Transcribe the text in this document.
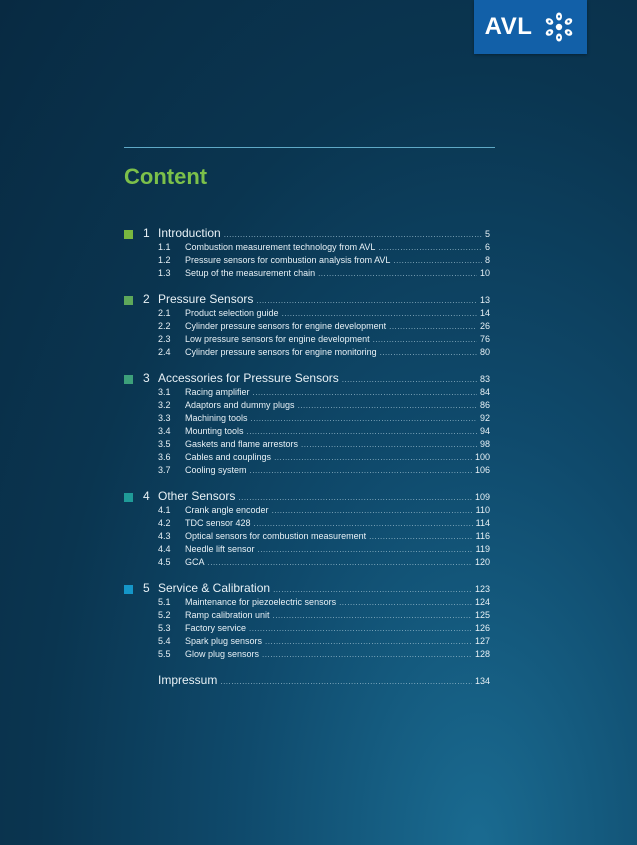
AVL
Content
1 Introduction .....	5
1.1	Combustion measurement technology from AVL .....	6
1.2	Pressure sensors for combustion analysis from AVL .....	8
1.3	Setup of the measurement chain .....	10
2 Pressure Sensors .....	13
2.1	Product selection guide .....	14
2.2	Cylinder pressure sensors for engine development .....	26
2.3	Low pressure sensors for engine development .....	76
2.4	Cylinder pressure sensors for engine monitoring .....	80
3 Accessories for Pressure Sensors .....	83
3.1	Racing amplifier .....	84
3.2	Adaptors and dummy plugs .....	86
3.3	Machining tools .....	92
3.4	Mounting tools .....	94
3.5	Gaskets and flame arrestors .....	98
3.6	Cables and couplings .....	100
3.7	Cooling system .....	106
4 Other Sensors .....	109
4.1	Crank angle encoder .....	110
4.2	TDC sensor 428 .....	114
4.3	Optical sensors for combustion measurement .....	116
4.4	Needle lift sensor .....	119
4.5	GCA .....	120
5 Service & Calibration .....	123
5.1	Maintenance for piezoelectric sensors .....	124
5.2	Ramp calibration unit .....	125
5.3	Factory service .....	126
5.4	Spark plug sensors .....	127
5.5	Glow plug sensors .....	128
Impressum .....	134
